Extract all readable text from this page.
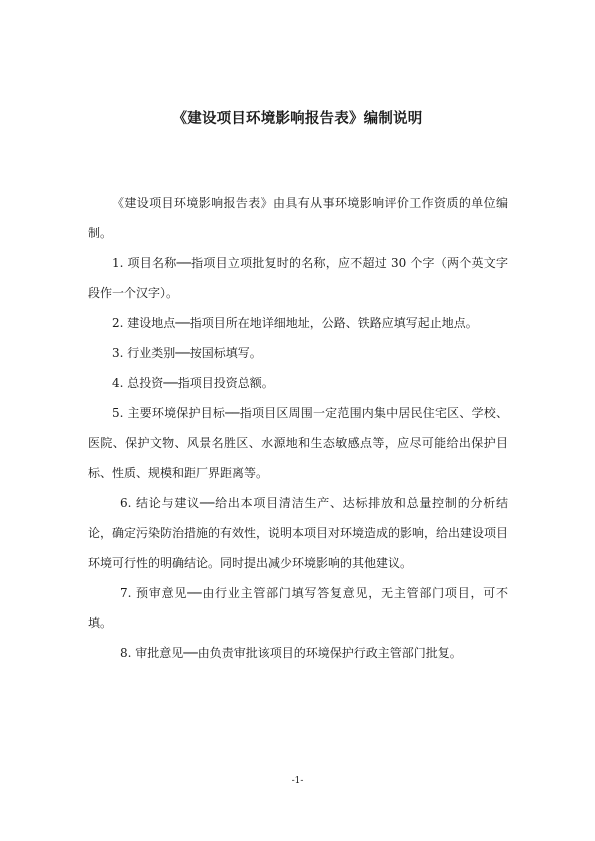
《建设项目环境影响报告表》编制说明

《建设项目环境影响报告表》由具有从事环境影响评价工作资质的单位编制。

1. 项目名称──指项目立项批复时的名称，应不超过 30 个字（两个英文字段作一个汉字）。

2. 建设地点──指项目所在地详细地址，公路、铁路应填写起止地点。

3. 行业类别──按国标填写。

4. 总投资──指项目投资总额。

5. 主要环境保护目标──指项目区周围一定范围内集中居民住宅区、学校、医院、保护文物、风景名胜区、水源地和生态敏感点等，应尽可能给出保护目标、性质、规模和距厂界距离等。

6. 结论与建议──给出本项目清洁生产、达标排放和总量控制的分析结论，确定污染防治措施的有效性，说明本项目对环境造成的影响，给出建设项目环境可行性的明确结论。同时提出减少环境影响的其他建议。

7. 预审意见──由行业主管部门填写答复意见，无主管部门项目，可不填。

8. 审批意见──由负责审批该项目的环境保护行政主管部门批复。

-1-
